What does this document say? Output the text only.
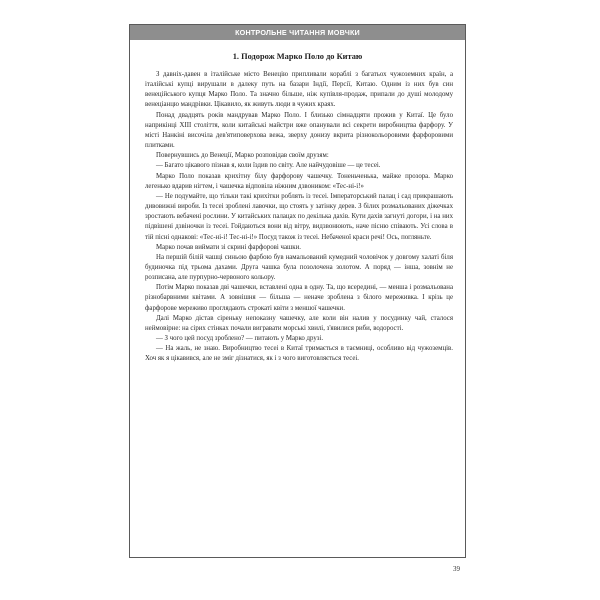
КОНТРОЛЬНЕ ЧИТАННЯ МОВЧКИ
1. Подорож Марко Поло до Китаю

З давніх-давен в італійське місто Венецію припливали кораблі з багатьох чужоземних країн, а італійські купці вирушали в далеку путь на базари Індії, Персії, Китаю. Одним із них був син венеційського купця Марко Поло. Та значно більше, ніж купівля-продаж, припали до душі молодому венеціанцю мандрівки. Цікавило, як живуть люди в чужих краях.

Понад двадцять років мандрував Марко Поло. І близько сімнадцяти прожив у Китаї. Це було наприкінці XIII століття, коли китайські майстри вже опанували всі секрети виробництва фарфору. У місті Нанкіні височіла дев'ятиповерхова вежа, зверху донизу вкрита різнокольоровими фарфоровими плитками.

Повернувшись до Венеції, Марко розповідав своїм друзям:

— Багато цікавого пізнав я, коли їздив по світу. Але найчудовіше — це тесеі.

Марко Поло показав крихітну білу фарфорову чашечку. Тоненьченька, майже прозора. Марко легенько вдарив нігтем, і чашечка відповіла ніжним дзвоником: «Тес-ні-і!»

— Не подумайте, що тільки такі крихітки роблять із тесеі. Імператорський палац і сад прикрашають дивовижні вироби. Із тесеі зроблені лавочки, що стоять у затінку дерев. З білих розмальованих діжечках зростають вебачені рослини. У китайських палацах по декілька дахів. Кути дахів загнуті догори, і на них підвішені дзвіночки із тесеі. Гойдаються вони від вітру, видзвонюють, наче пісню співають. Усі слова в тій пісні однакові: «Тес-ні-і! Тес-ні-і!» Посуд також із тесеі. Небаченої краси речі! Ось, погляньте.

Марко почав виймати зі скрині фарфорові чашки.

На першій білій чашці синьою фарбою був намальований кумедний чоловічок у довгому халаті біля будиночка під трьома дахами. Друга чашка була позолочена золотом. А поряд — інша, зовнім не розписана, але пурпурно-червоного кольору.

Потім Марко показав дві чашечки, вставлені одна в одну. Та, що всередині, — менша і розмальована різнобарвними квітами. А зовнішня — більша — неначе зроблена з білого мереживка. І крізь це фарфорове мереживо проглядають строкаті квіти з меншої чашечки.

Далі Марко дістав сіреньку непоказну чашечку, але коли він налив у посудинку чай, сталося неймовірне: на сірих стінках почали вигравати морські хвилі, з'явилися риби, водорості.

— З чого цей посуд зроблено? — питають у Марко друзі.

— На жаль, не знаю. Виробництво тесеі в Китаї тримається в таємниці, особливо від чужоземців. Хоч як я цікавився, але не зміг дізнатися, як і з чого виготовляється тесеі.

39
